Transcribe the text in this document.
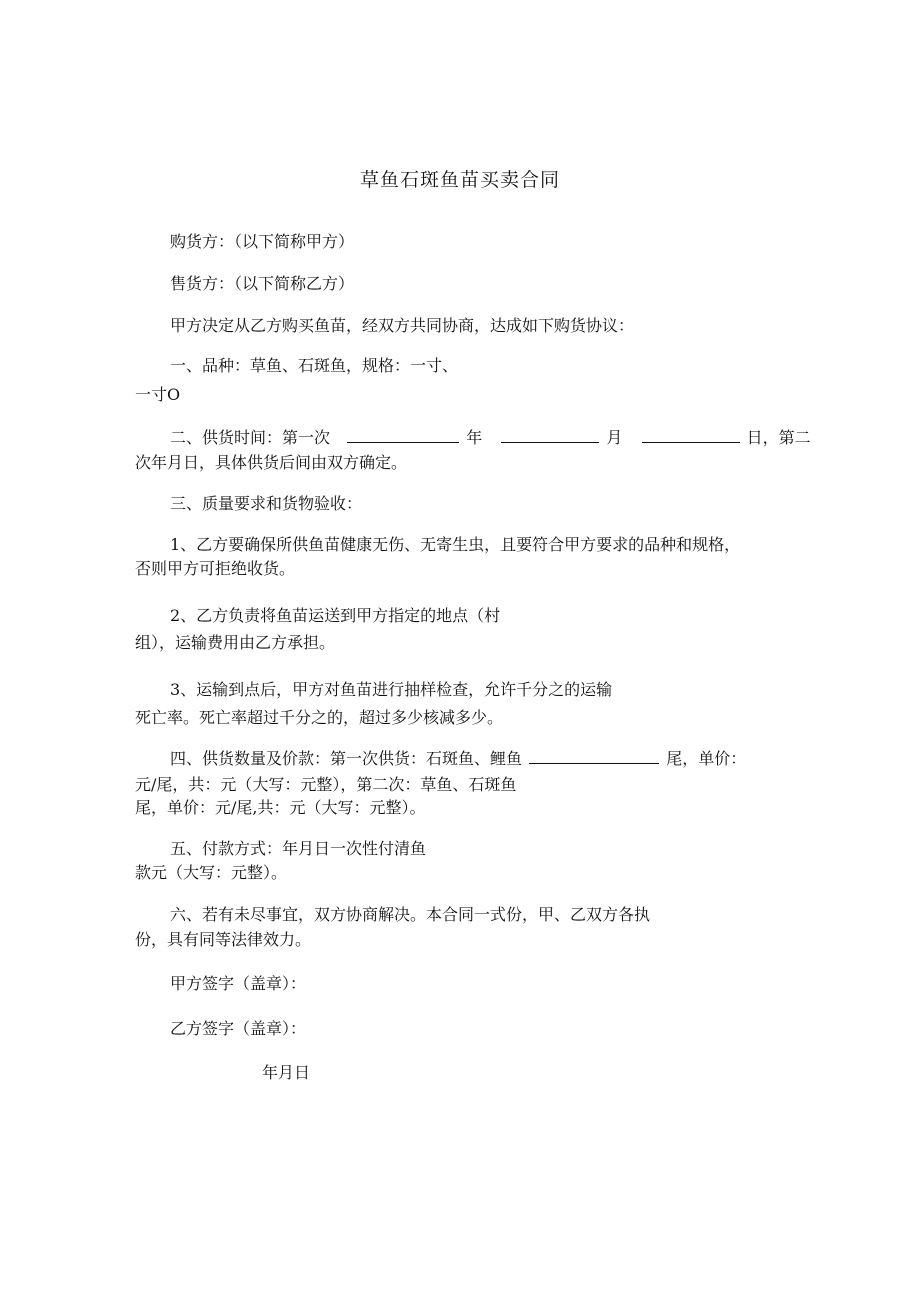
草鱼石斑鱼苗买卖合同
购货方：（以下简称甲方）
售货方：（以下简称乙方）
甲方决定从乙方购买鱼苗，经双方共同协商，达成如下购货协议：
一、品种：草鱼、石斑鱼，规格：一寸、
一寸O
二、供货时间：第一次	年	月	日，第二
次年月日，具体供货后间由双方确定。
三、质量要求和货物验收：
1、乙方要确保所供鱼苗健康无伤、无寄生虫，且要符合甲方要求的品种和规格，
否则甲方可拒绝收货。
2、乙方负责将鱼苗运送到甲方指定的地点（村
组），运输费用由乙方承担。
3、运输到点后，甲方对鱼苗进行抽样检查，允许千分之的运输
死亡率。死亡率超过千分之的，超过多少核减多少。
四、供货数量及价款：第一次供货：石斑鱼、鲤鱼	尾，单价：
元/尾，共：元（大写：元整），第二次：草鱼、石斑鱼
尾，单价：元/尾,共：元（大写：元整）。
五、付款方式：年月日一次性付清鱼
款元（大写：元整）。
六、若有未尽事宜，双方协商解决。本合同一式份，甲、乙双方各执
份，具有同等法律效力。
甲方签字（盖章）：
乙方签字（盖章）：
年月日
